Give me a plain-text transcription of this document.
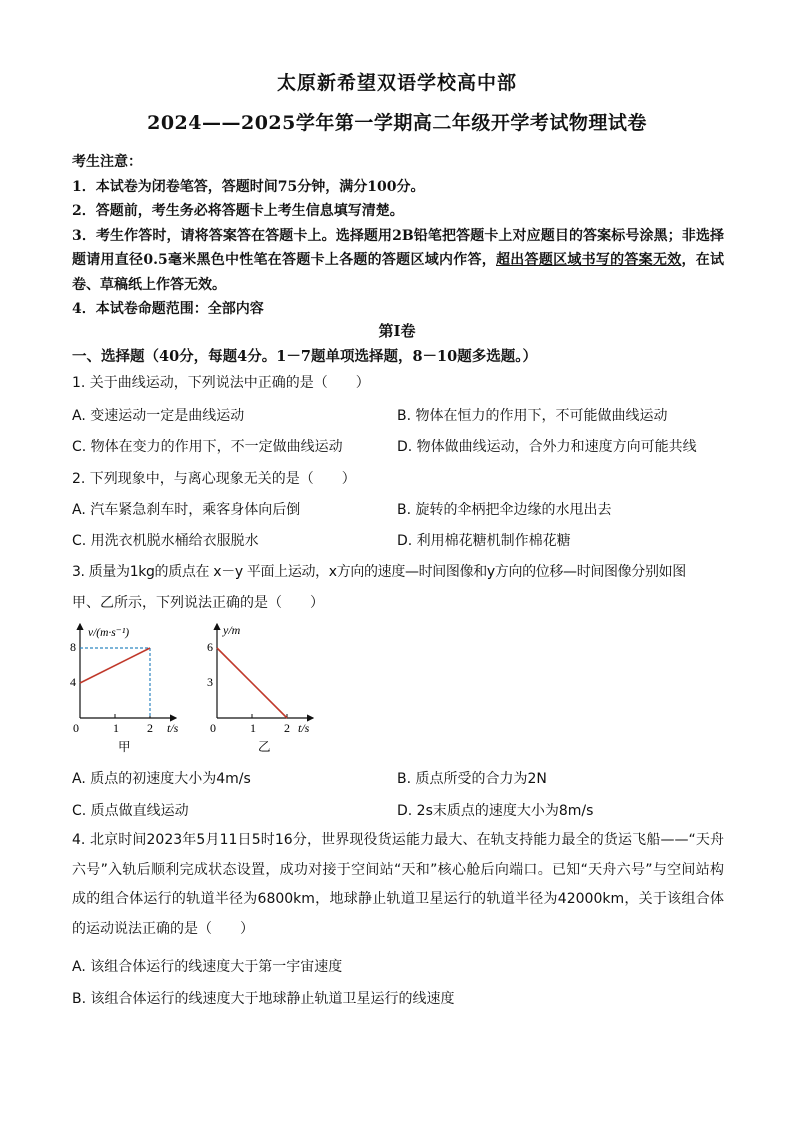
太原新希望双语学校高中部
2024——2025学年第一学期高二年级开学考试物理试卷
考生注意：
1．本试卷为闭卷笔答，答题时间75分钟，满分100分。
2．答题前，考生务必将答题卡上考生信息填写清楚。
3．考生作答时，请将答案答在答题卡上。选择题用2B铅笔把答题卡上对应题目的答案标号涂黑；非选择题请用直径0.5毫米黑色中性笔在答题卡上各题的答题区域内作答，超出答题区域书写的答案无效，在试卷、草稿纸上作答无效。
4．本试卷命题范围：全部内容
第Ⅰ卷
一、选择题（40分，每题4分。1－7题单项选择题，8－10题多选题。）
1. 关于曲线运动，下列说法中正确的是（　　）
A. 变速运动一定是曲线运动	B. 物体在恒力的作用下，不可能做曲线运动
C. 物体在变力的作用下，不一定做曲线运动	D. 物体做曲线运动，合外力和速度方向可能共线
2. 下列现象中，与离心现象无关的是（　　）
A. 汽车紧急刹车时，乘客身体向后倒	B. 旋转的伞柄把伞边缘的水甩出去
C. 用洗衣机脱水桶给衣服脱水	D. 利用棉花糖机制作棉花糖
3. 质量为1kg的质点在 x－y 平面上运动，x方向的速度—时间图像和y方向的位移—时间图像分别如图
甲、乙所示，下列说法正确的是（　　）
v/(m·s⁻¹)
t/s
0	1 2
4
8
甲
y/m
t/s
0	1 2
3
6
乙
A. 质点的初速度大小为4m/s	B. 质点所受的合力为2N
C. 质点做直线运动	D. 2s末质点的速度大小为8m/s
4. 北京时间2023年5月11日5时16分，世界现役货运能力最大、在轨支持能力最全的货运飞船——“天舟六号”入轨后顺利完成状态设置，成功对接于空间站“天和”核心舱后向端口。已知“天舟六号”与空间站构成的组合体运行的轨道半径为6800km，地球静止轨道卫星运行的轨道半径为42000km，关于该组合体的运动说法正确的是（　　）
A. 该组合体运行的线速度大于第一宇宙速度
B. 该组合体运行的线速度大于地球静止轨道卫星运行的线速度
